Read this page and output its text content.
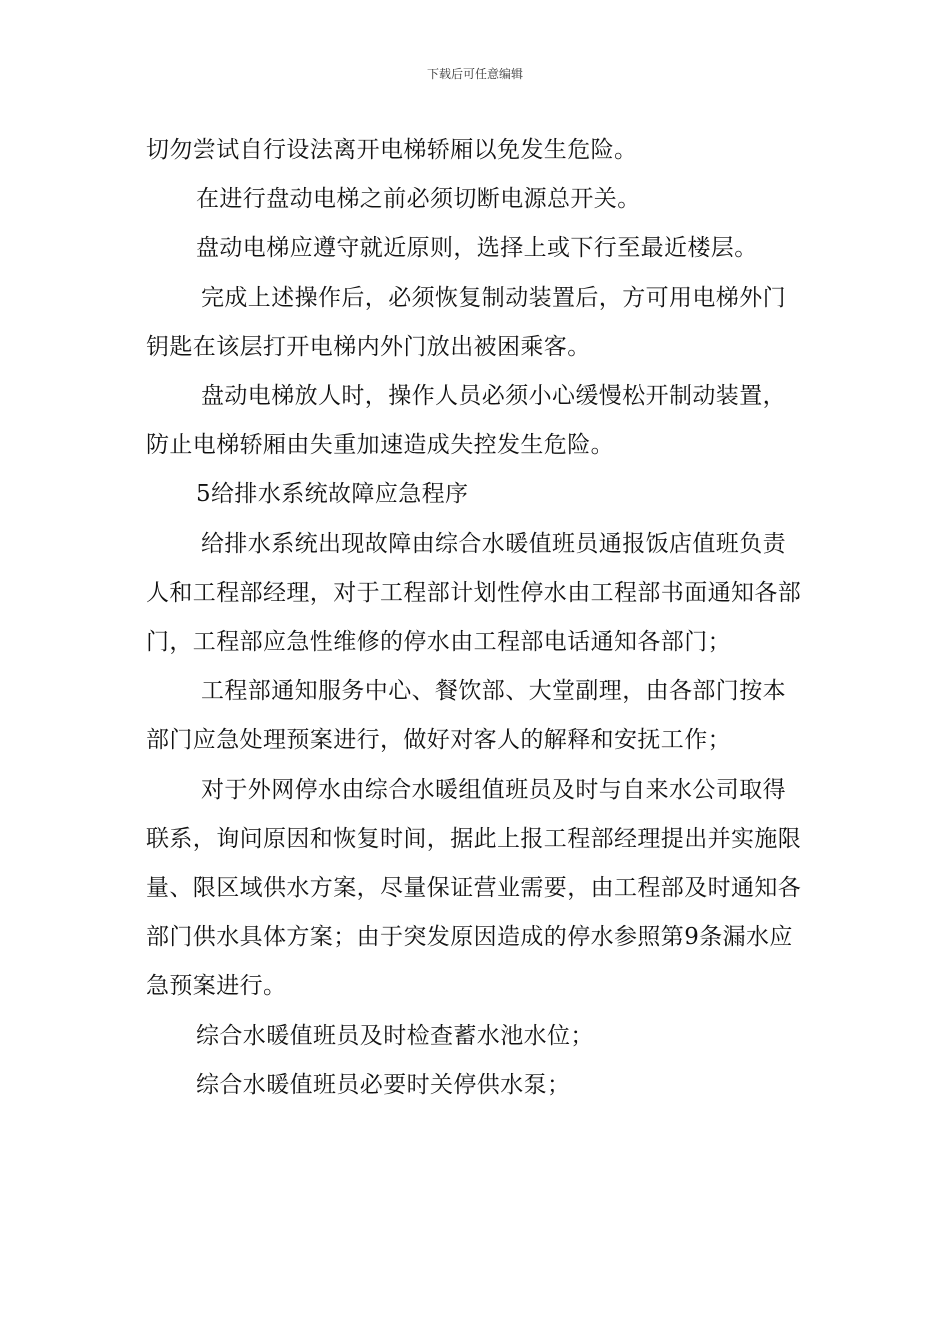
下载后可任意编辑

切勿尝试自行设法离开电梯轿厢以免发生危险。

在进行盘动电梯之前必须切断电源总开关。

盘动电梯应遵守就近原则，选择上或下行至最近楼层。

完成上述操作后，必须恢复制动装置后，方可用电梯外门钥匙在该层打开电梯内外门放出被困乘客。

盘动电梯放人时，操作人员必须小心缓慢松开制动装置，防止电梯轿厢由失重加速造成失控发生危险。

5给排水系统故障应急程序

给排水系统出现故障由综合水暖值班员通报饭店值班负责人和工程部经理，对于工程部计划性停水由工程部书面通知各部门，工程部应急性维修的停水由工程部电话通知各部门；

工程部通知服务中心、餐饮部、大堂副理，由各部门按本部门应急处理预案进行，做好对客人的解释和安抚工作；

对于外网停水由综合水暖组值班员及时与自来水公司取得联系，询问原因和恢复时间，据此上报工程部经理提出并实施限量、限区域供水方案，尽量保证营业需要，由工程部及时通知各部门供水具体方案；由于突发原因造成的停水参照第9条漏水应急预案进行。

综合水暖值班员及时检查蓄水池水位；

综合水暖值班员必要时关停供水泵；
